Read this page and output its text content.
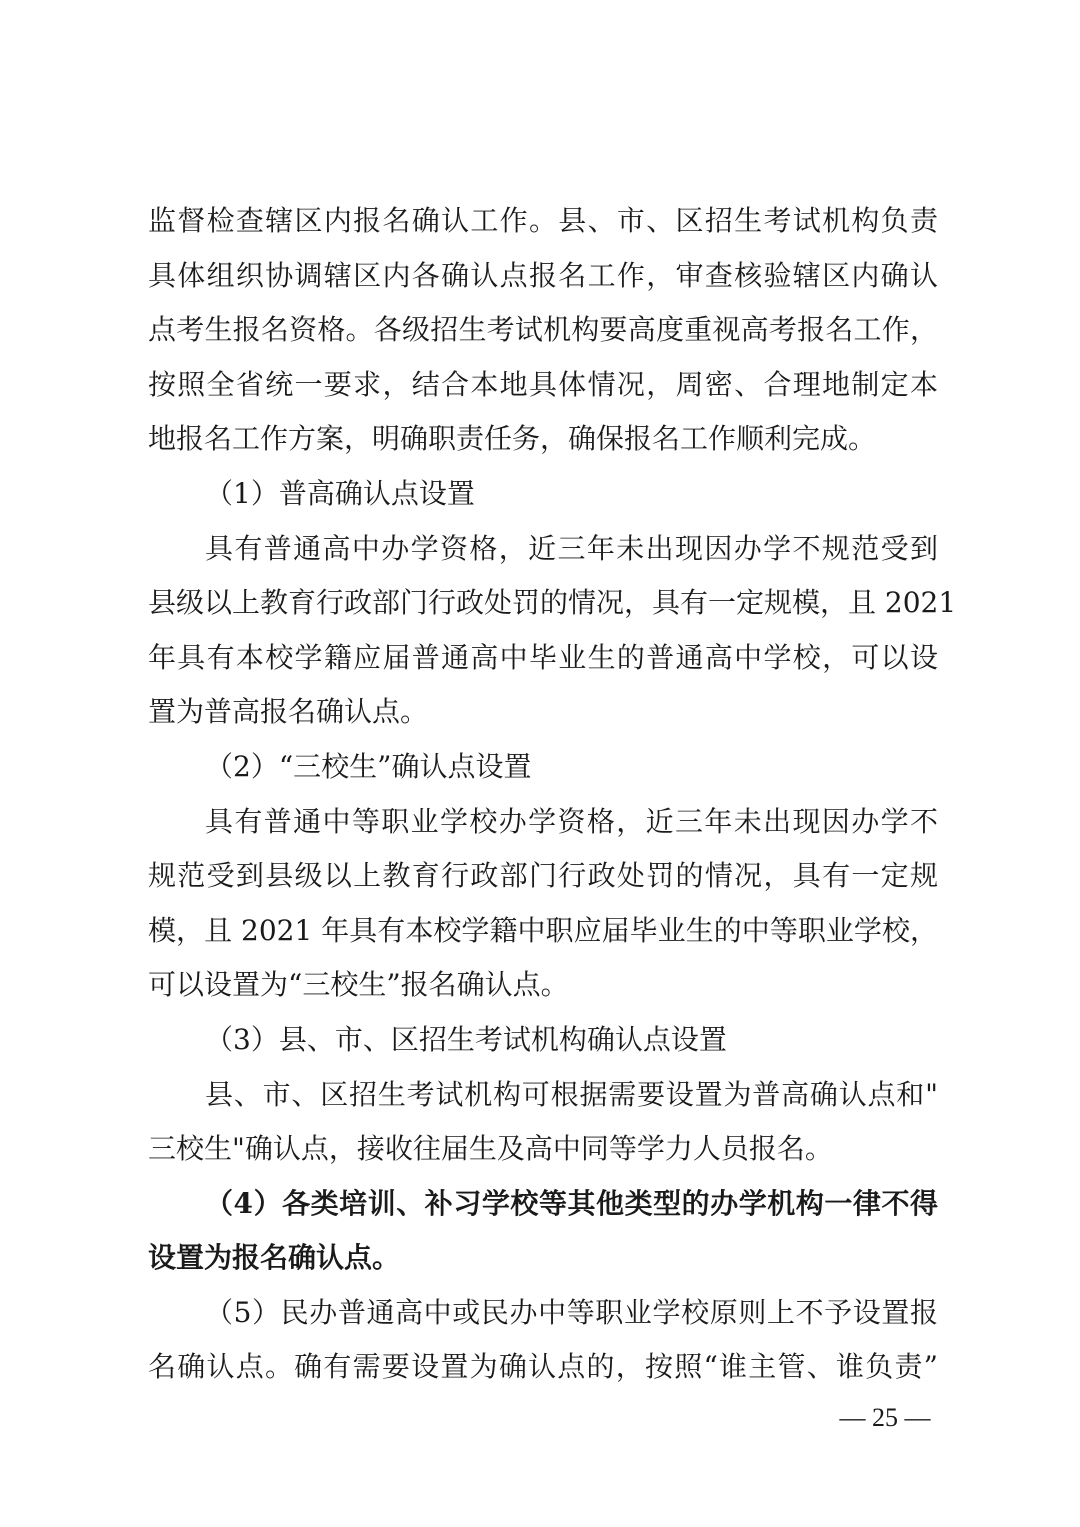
监督检查辖区内报名确认工作。县、市、区招生考试机构负责
具体组织协调辖区内各确认点报名工作，审查核验辖区内确认
点考生报名资格。各级招生考试机构要高度重视高考报名工作，
按照全省统一要求，结合本地具体情况，周密、合理地制定本
地报名工作方案，明确职责任务，确保报名工作顺利完成。
（1）普高确认点设置
具有普通高中办学资格，近三年未出现因办学不规范受到
县级以上教育行政部门行政处罚的情况，具有一定规模，且 2021
年具有本校学籍应届普通高中毕业生的普通高中学校，可以设
置为普高报名确认点。
（2）“三校生”确认点设置
具有普通中等职业学校办学资格，近三年未出现因办学不
规范受到县级以上教育行政部门行政处罚的情况，具有一定规
模，且 2021 年具有本校学籍中职应届毕业生的中等职业学校，
可以设置为“三校生”报名确认点。
（3）县、市、区招生考试机构确认点设置
县、市、区招生考试机构可根据需要设置为普高确认点和"
三校生"确认点，接收往届生及高中同等学力人员报名。
（4）各类培训、补习学校等其他类型的办学机构一律不得
设置为报名确认点。
（5）民办普通高中或民办中等职业学校原则上不予设置报
名确认点。确有需要设置为确认点的，按照“谁主管、谁负责”
— 25 —
